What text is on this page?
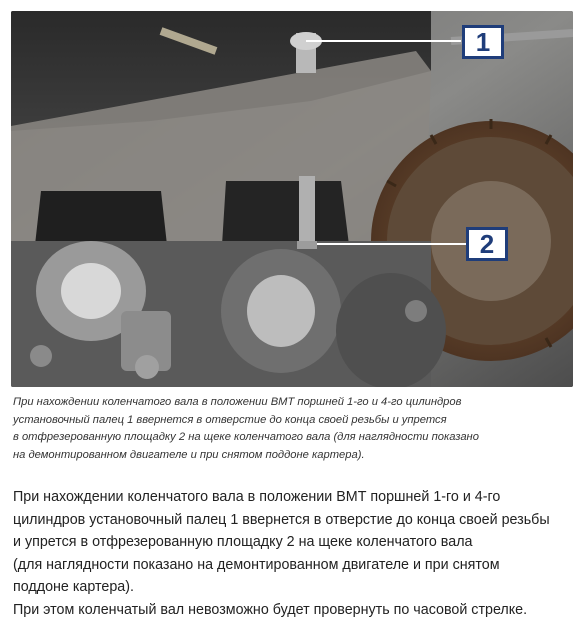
1
2

При нахождении коленчатого вала в положении ВМТ поршней 1-го и 4-го цилиндров
установочный палец 1 ввернется в отверстие до конца своей резьбы и упрется
в отфрезерованную площадку 2 на щеке коленчатого вала (для наглядности показано
на демонтированном двигателе и при снятом поддоне картера).

При нахождении коленчатого вала в положении ВМТ поршней 1-го и 4-го
цилиндров установочный палец 1 ввернется в отверстие до конца своей резьбы
и упрется в отфрезерованную площадку 2 на щеке коленчатого вала
(для наглядности показано на демонтированном двигателе и при снятом
поддоне картера).
При этом коленчатый вал невозможно будет провернуть по часовой стрелке.
